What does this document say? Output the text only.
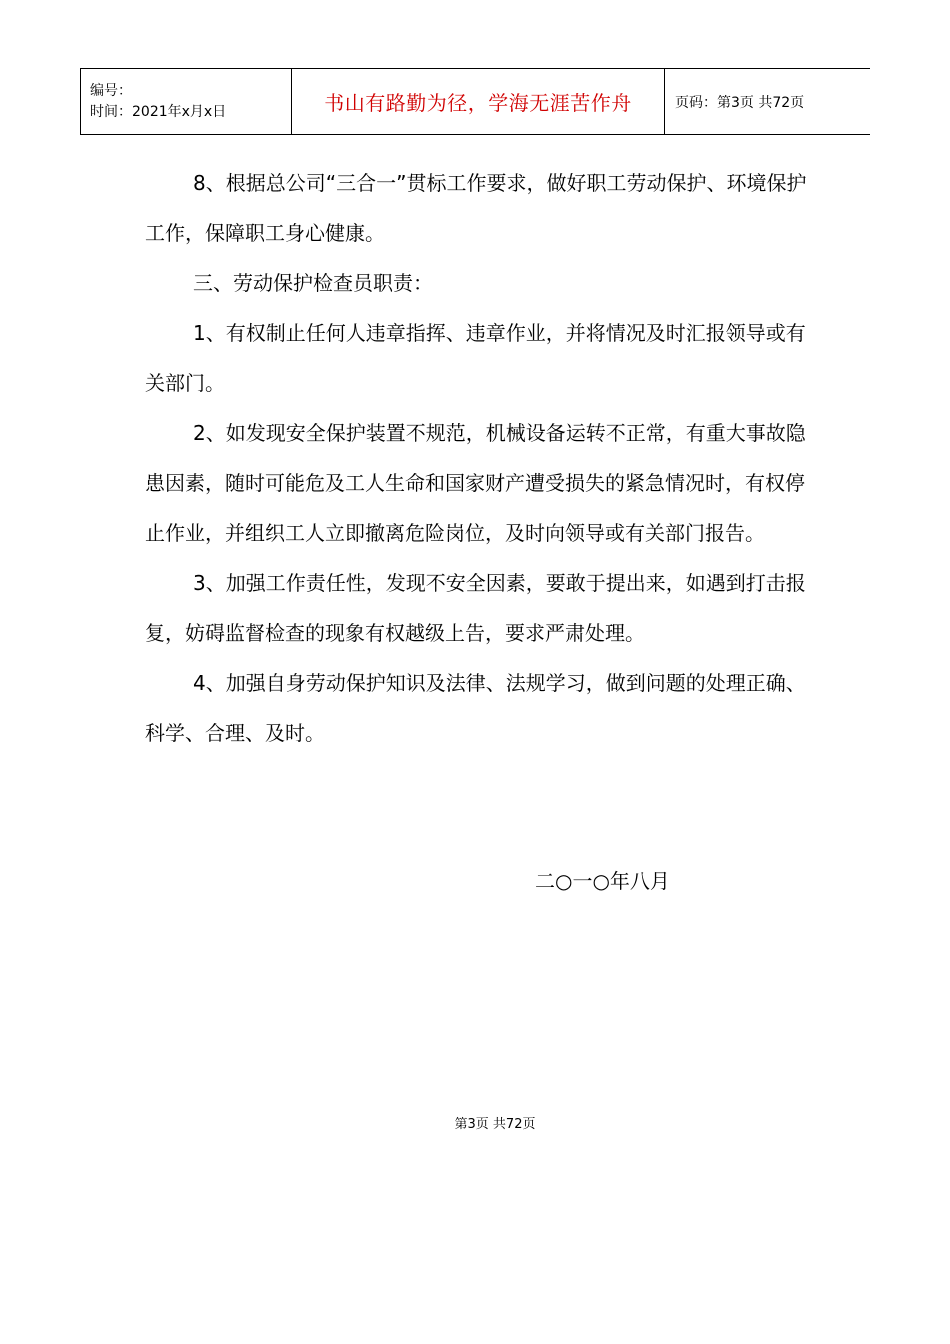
编号：
时间：2021年x月x日	书山有路勤为径，学海无涯苦作舟	页码：第3页 共72页

8、根据总公司“三合一”贯标工作要求，做好职工劳动保护、环境保护工作，保障职工身心健康。

三、劳动保护检查员职责：

1、有权制止任何人违章指挥、违章作业，并将情况及时汇报领导或有关部门。

2、如发现安全保护装置不规范，机械设备运转不正常，有重大事故隐患因素，随时可能危及工人生命和国家财产遭受损失的紧急情况时，有权停止作业，并组织工人立即撤离危险岗位，及时向领导或有关部门报告。

3、加强工作责任性，发现不安全因素，要敢于提出来，如遇到打击报复，妨碍监督检查的现象有权越级上告，要求严肃处理。

4、加强自身劳动保护知识及法律、法规学习，做到问题的处理正确、科学、合理、及时。

二○一○年八月
第3页 共72页
